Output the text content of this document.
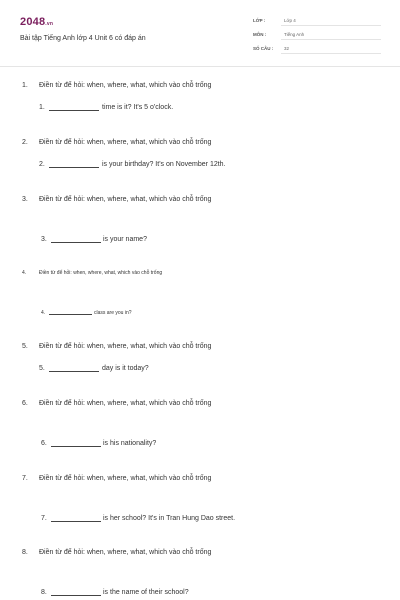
2048.vn
Bài tập Tiếng Anh lớp 4 Unit 6 có đáp án
LỚP :	Lớp 4
MÔN :	Tiếng Anh
SỐ CÂU : 32
1. Điền từ để hỏi: when, where, what, which vào chỗ trống
1.	time is it? It's 5 o'clock.
2. Điền từ để hỏi: when, where, what, which vào chỗ trống
2.	is your birthday? It's on November 12th.
3. Điền từ để hỏi: when, where, what, which vào chỗ trống
3.	is your name?
4.	Điền từ để hỏi: when, where, what, which vào chỗ trống
4.	class are you in?
5. Điền từ để hỏi: when, where, what, which vào chỗ trống
5.	day is it today?
6. Điền từ để hỏi: when, where, what, which vào chỗ trống
6.	is his nationality?
7. Điền từ để hỏi: when, where, what, which vào chỗ trống
7.	is her school? It's in Tran Hung Dao street.
8. Điền từ để hỏi: when, where, what, which vào chỗ trống
8.	is the name of their school?
